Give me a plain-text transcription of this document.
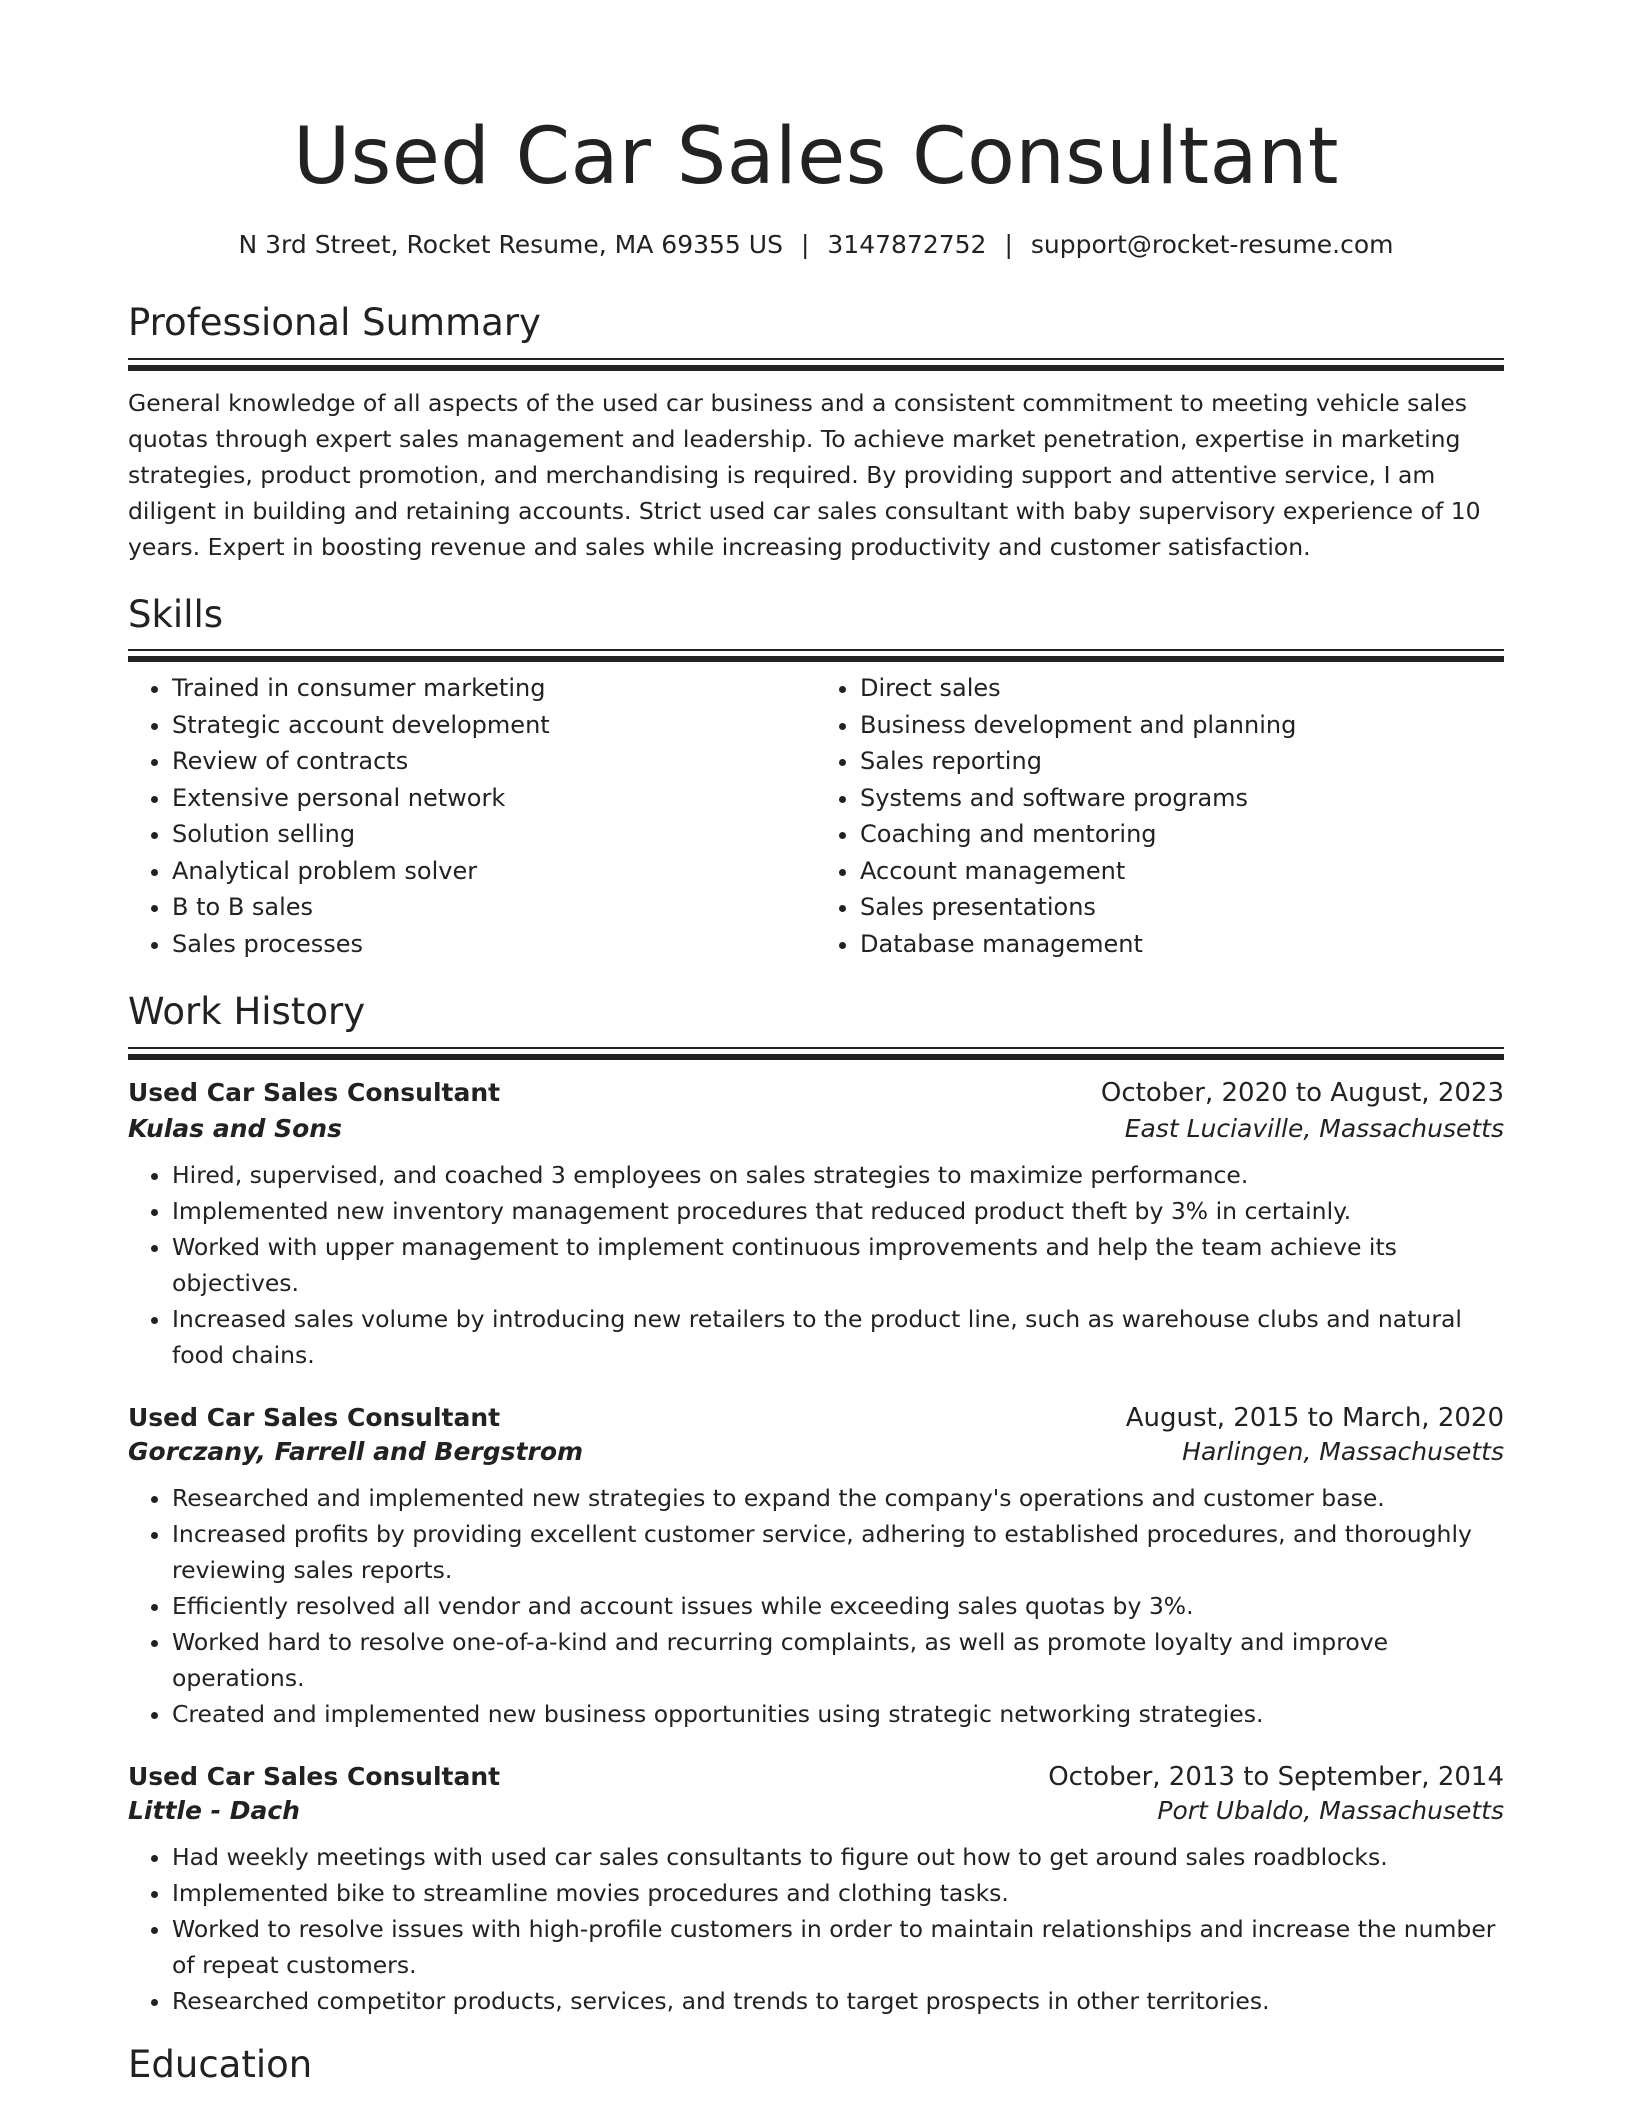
Used Car Sales Consultant
N 3rd Street, Rocket Resume, MA 69355 US | 3147872752 | support@rocket-resume.com
Professional Summary

General knowledge of all aspects of the used car business and a consistent commitment to meeting vehicle sales quotas through expert sales management and leadership. To achieve market penetration, expertise in marketing strategies, product promotion, and merchandising is required. By providing support and attentive service, I am diligent in building and retaining accounts. Strict used car sales consultant with baby supervisory experience of 10 years. Expert in boosting revenue and sales while increasing productivity and customer satisfaction.

Skills
• Trained in consumer marketing
• Strategic account development
• Review of contracts
• Extensive personal network
• Solution selling
• Analytical problem solver
• B to B sales
• Sales processes
• Direct sales
• Business development and planning
• Sales reporting
• Systems and software programs
• Coaching and mentoring
• Account management
• Sales presentations
• Database management
Work History
Used Car Sales Consultant	October, 2020 to August, 2023
Kulas and Sons	East Luciaville, Massachusetts
• Hired, supervised, and coached 3 employees on sales strategies to maximize performance.
• Implemented new inventory management procedures that reduced product theft by 3% in certainly.
• Worked with upper management to implement continuous improvements and help the team achieve its objectives.
• Increased sales volume by introducing new retailers to the product line, such as warehouse clubs and natural food chains.
Used Car Sales Consultant	August, 2015 to March, 2020
Gorczany, Farrell and Bergstrom	Harlingen, Massachusetts
• Researched and implemented new strategies to expand the company's operations and customer base.
• Increased profits by providing excellent customer service, adhering to established procedures, and thoroughly reviewing sales reports.
• Efficiently resolved all vendor and account issues while exceeding sales quotas by 3%.
• Worked hard to resolve one-of-a-kind and recurring complaints, as well as promote loyalty and improve operations.
• Created and implemented new business opportunities using strategic networking strategies.
Used Car Sales Consultant	October, 2013 to September, 2014
Little - Dach	Port Ubaldo, Massachusetts
• Had weekly meetings with used car sales consultants to figure out how to get around sales roadblocks.
• Implemented bike to streamline movies procedures and clothing tasks.
• Worked to resolve issues with high-profile customers in order to maintain relationships and increase the number of repeat customers.
• Researched competitor products, services, and trends to target prospects in other territories.
Education
